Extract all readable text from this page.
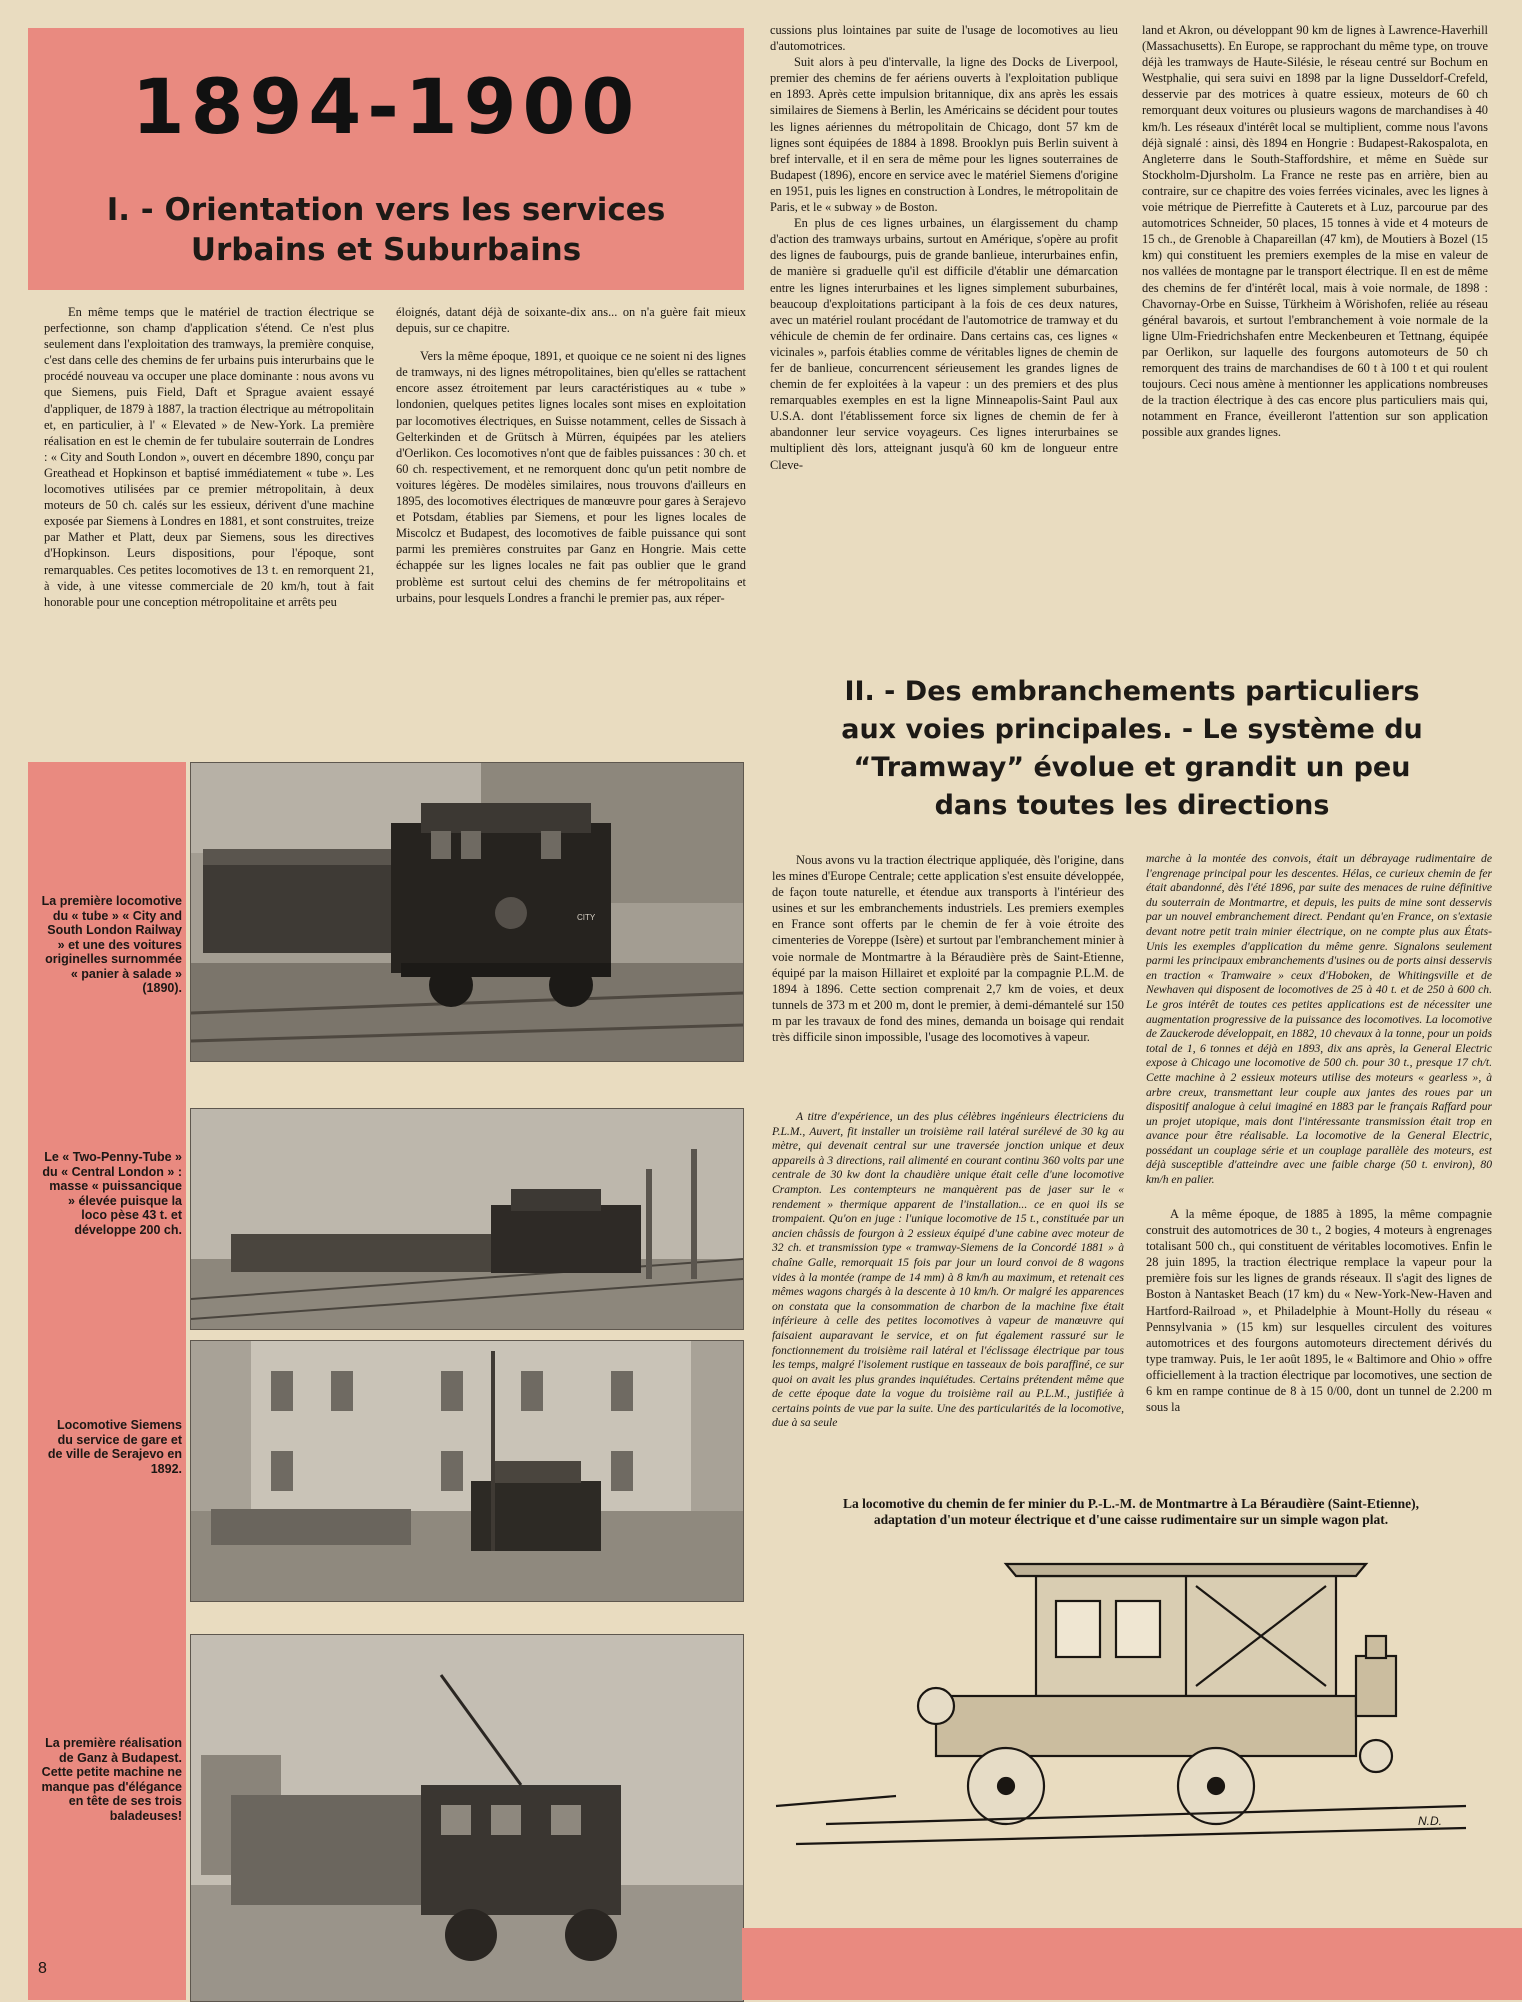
1894-1900
I. - Orientation vers les services
Urbains et Suburbains

En même temps que le matériel de traction électrique se perfectionne, son champ d'application s'étend. Ce n'est plus seulement dans l'exploitation des tramways, la première conquise, c'est dans celle des chemins de fer urbains puis interurbains que le procédé nouveau va occuper une place dominante : nous avons vu que Siemens, puis Field, Daft et Sprague avaient essayé d'appliquer, de 1879 à 1887, la traction électrique au métropolitain et, en particulier, à l' « Elevated » de New-York. La première réalisation en est le chemin de fer tubulaire souterrain de Londres : « City and South London », ouvert en décembre 1890, conçu par Greathead et Hopkinson et baptisé immédiatement « tube ». Les locomotives utilisées par ce premier métropolitain, à deux moteurs de 50 ch. calés sur les essieux, dérivent d'une machine exposée par Siemens à Londres en 1881, et sont construites, treize par Mather et Platt, deux par Siemens, sous les directives d'Hopkinson. Leurs dispositions, pour l'époque, sont remarquables. Ces petites locomotives de 13 t. en remorquent 21, à vide, à une vitesse commerciale de 20 km/h, tout à fait honorable pour une conception métropolitaine et arrêts peu

éloignés, datant déjà de soixante-dix ans... on n'a guère fait mieux depuis, sur ce chapitre.

Vers la même époque, 1891, et quoique ce ne soient ni des lignes de tramways, ni des lignes métropolitaines, bien qu'elles se rattachent encore assez étroitement par leurs caractéristiques au « tube » londonien, quelques petites lignes locales sont mises en exploitation par locomotives électriques, en Suisse notamment, celles de Sissach à Gelterkinden et de Grütsch à Mürren, équipées par les ateliers d'Oerlikon. Ces locomotives n'ont que de faibles puissances : 30 ch. et 60 ch. respectivement, et ne remorquent donc qu'un petit nombre de voitures légères. De modèles similaires, nous trouvons d'ailleurs en 1895, des locomotives électriques de manœuvre pour gares à Serajevo et Potsdam, établies par Siemens, et pour les lignes locales de Miscolcz et Budapest, des locomotives de faible puissance qui sont parmi les premières construites par Ganz en Hongrie. Mais cette échappée sur les lignes locales ne fait pas oublier que le grand problème est surtout celui des chemins de fer métropolitains et urbains, pour lesquels Londres a franchi le premier pas, aux réper-

cussions plus lointaines par suite de l'usage de locomotives au lieu d'automotrices.

Suit alors à peu d'intervalle, la ligne des Docks de Liverpool, premier des chemins de fer aériens ouverts à l'exploitation publique en 1893. Après cette impulsion britannique, dix ans après les essais similaires de Siemens à Berlin, les Américains se décident pour toutes les lignes aériennes du métropolitain de Chicago, dont 57 km de lignes sont équipées de 1884 à 1898. Brooklyn puis Berlin suivent à bref intervalle, et il en sera de même pour les lignes souterraines de Budapest (1896), encore en service avec le matériel Siemens d'origine en 1951, puis les lignes en construction à Londres, le métropolitain de Paris, et le « subway » de Boston.

En plus de ces lignes urbaines, un élargissement du champ d'action des tramways urbains, surtout en Amérique, s'opère au profit des lignes de faubourgs, puis de grande banlieue, interurbaines enfin, de manière si graduelle qu'il est difficile d'établir une démarcation entre les lignes interurbaines et les lignes simplement suburbaines, beaucoup d'exploitations participant à la fois de ces deux natures, avec un matériel roulant procédant de l'automotrice de tramway et du véhicule de chemin de fer ordinaire. Dans certains cas, ces lignes « vicinales », parfois établies comme de véritables lignes de chemin de fer de banlieue, concurrencent sérieusement les grandes lignes de chemin de fer exploitées à la vapeur : un des premiers et des plus remarquables exemples en est la ligne Minneapolis-Saint Paul aux U.S.A. dont l'établissement force six lignes de chemin de fer à abandonner leur service voyageurs. Ces lignes interurbaines se multiplient dès lors, atteignant jusqu'à 60 km de longueur entre Cleve-

land et Akron, ou développant 90 km de lignes à Lawrence-Haverhill (Massachusetts). En Europe, se rapprochant du même type, on trouve déjà les tramways de Haute-Silésie, le réseau centré sur Bochum en Westphalie, qui sera suivi en 1898 par la ligne Dusseldorf-Crefeld, desservie par des motrices à quatre essieux, moteurs de 60 ch remorquant deux voitures ou plusieurs wagons de marchandises à 40 km/h. Les réseaux d'intérêt local se multiplient, comme nous l'avons déjà signalé : ainsi, dès 1894 en Hongrie : Budapest-Rakospalota, en Angleterre dans le South-Staffordshire, et même en Suède sur Stockholm-Djursholm. La France ne reste pas en arrière, bien au contraire, sur ce chapitre des voies ferrées vicinales, avec les lignes à voie métrique de Pierrefitte à Cauterets et à Luz, parcourue par des automotrices Schneider, 50 places, 15 tonnes à vide et 4 moteurs de 15 ch., de Grenoble à Chapareillan (47 km), de Moutiers à Bozel (15 km) qui constituent les premiers exemples de la mise en valeur de nos vallées de montagne par le transport électrique. Il en est de même des chemins de fer d'intérêt local, mais à voie normale, de 1898 : Chavornay-Orbe en Suisse, Türkheim à Wörishofen, reliée au réseau général bavarois, et surtout l'embranchement à voie normale de la ligne Ulm-Friedrichshafen entre Meckenbeuren et Tettnang, équipée par Oerlikon, sur laquelle des fourgons automoteurs de 50 ch remorquent des trains de marchandises de 60 t à 100 t et qui roulent toujours. Ceci nous amène à mentionner les applications nombreuses de la traction électrique à des cas encore plus particuliers mais qui, notamment en France, éveilleront l'attention sur son application possible aux grandes lignes.

II. - Des embranchements particuliers
aux voies principales. - Le système du
“Tramway” évolue et grandit un peu
dans toutes les directions

Nous avons vu la traction électrique appliquée, dès l'origine, dans les mines d'Europe Centrale; cette application s'est ensuite développée, de façon toute naturelle, et étendue aux transports à l'intérieur des usines et sur les embranchements industriels. Les premiers exemples en France sont offerts par le chemin de fer à voie étroite des cimenteries de Voreppe (Isère) et surtout par l'embranchement minier à voie normale de Montmartre à la Béraudière près de Saint-Etienne, équipé par la maison Hillairet et exploité par la compagnie P.L.M. de 1894 à 1896. Cette section comprenait 2,7 km de voies, et deux tunnels de 373 m et 200 m, dont le premier, à demi-démantelé sur 150 m par les travaux de fond des mines, demanda un boisage qui rendait très difficile sinon impossible, l'usage des locomotives à vapeur.

A titre d'expérience, un des plus célèbres ingénieurs électriciens du P.L.M., Auvert, fit installer un troisième rail latéral surélevé de 30 kg au mètre, qui devenait central sur une traversée jonction unique et deux appareils à 3 directions, rail alimenté en courant continu 360 volts par une centrale de 30 kw dont la chaudière unique était celle d'une locomotive Crampton. Les contempteurs ne manquèrent pas de jaser sur le « rendement » thermique apparent de l'installation... ce en quoi ils se trompaient. Qu'on en juge : l'unique locomotive de 15 t., constituée par un ancien châssis de fourgon à 2 essieux équipé d'une cabine avec moteur de 32 ch. et transmission type « tramway-Siemens de la Concordé 1881 » à chaîne Galle, remorquait 15 fois par jour un lourd convoi de 8 wagons vides à la montée (rampe de 14 mm) à 8 km/h au maximum, et retenait ces mêmes wagons chargés à la descente à 10 km/h. Or malgré les apparences on constata que la consommation de charbon de la machine fixe était inférieure à celle des petites locomotives à vapeur de manœuvre qui faisaient auparavant le service, et on fut également rassuré sur le fonctionnement du troisième rail latéral et l'éclissage électrique par tous les temps, malgré l'isolement rustique en tasseaux de bois paraffiné, ce sur quoi on avait les plus grandes inquiétudes. Certains prétendent même que de cette époque date la vogue du troisième rail au P.L.M., justifiée à certains points de vue par la suite. Une des particularités de la locomotive, due à sa seule

marche à la montée des convois, était un débrayage rudimentaire de l'engrenage principal pour les descentes. Hélas, ce curieux chemin de fer était abandonné, dès l'été 1896, par suite des menaces de ruine définitive du souterrain de Montmartre, et depuis, les puits de mine sont desservis par un nouvel embranchement direct. Pendant qu'en France, on s'extasie devant notre petit train minier électrique, on ne compte plus aux États-Unis les exemples d'application du même genre. Signalons seulement parmi les principaux embranchements d'usines ou de ports ainsi desservis en traction « Tramwaire » ceux d'Hoboken, de Whitingsville et de Newhaven qui disposent de locomotives de 25 à 40 t. et de 250 à 600 ch. Le gros intérêt de toutes ces petites applications est de nécessiter une augmentation progressive de la puissance des locomotives. La locomotive de Zauckerode développait, en 1882, 10 chevaux à la tonne, pour un poids total de 1, 6 tonnes et déjà en 1893, dix ans après, la General Electric expose à Chicago une locomotive de 500 ch. pour 30 t., presque 17 ch/t. Cette machine à 2 essieux moteurs utilise des moteurs « gearless », à arbre creux, transmettant leur couple aux jantes des roues par un dispositif analogue à celui imaginé en 1883 par le français Raffard pour un projet utopique, mais dont l'intéressante transmission était trop en avance pour être réalisable. La locomotive de la General Electric, possédant un couplage série et un couplage parallèle des moteurs, est déjà susceptible d'atteindre avec une faible charge (50 t. environ), 80 km/h en palier.

A la même époque, de 1885 à 1895, la même compagnie construit des automotrices de 30 t., 2 bogies, 4 moteurs à engrenages totalisant 500 ch., qui constituent de véritables locomotives. Enfin le 28 juin 1895, la traction électrique remplace la vapeur pour la première fois sur les lignes de grands réseaux. Il s'agit des lignes de Boston à Nantasket Beach (17 km) du « New-York-New-Haven and Hartford-Railroad », et Philadelphie à Mount-Holly du réseau « Pennsylvania » (15 km) sur lesquelles circulent des voitures automotrices et des fourgons automoteurs directement dérivés du type tramway. Puis, le 1er août 1895, le « Baltimore and Ohio » offre officiellement à la traction électrique par locomotives, une section de 6 km en rampe continue de 8 à 15 0/00, dont un tunnel de 2.200 m sous la

La première locomotive du « tube » « City and South London Railway » et une des voitures originelles surnommée « panier à salade » (1890).
Le « Two-Penny-Tube » du « Central London » : masse « puissancique » élevée puisque la loco pèse 43 t. et développe 200 ch.
Locomotive Siemens du service de gare et de ville de Serajevo en 1892.
La première réalisation de Ganz à Budapest. Cette petite machine ne manque pas d'élégance en tête de ses trois baladeuses!
8
CITY
La locomotive du chemin de fer minier du P.-L.-M. de Montmartre à La Béraudière (Saint-Etienne), adaptation d'un moteur électrique et d'une caisse rudimentaire sur un simple wagon plat.
N.D.
